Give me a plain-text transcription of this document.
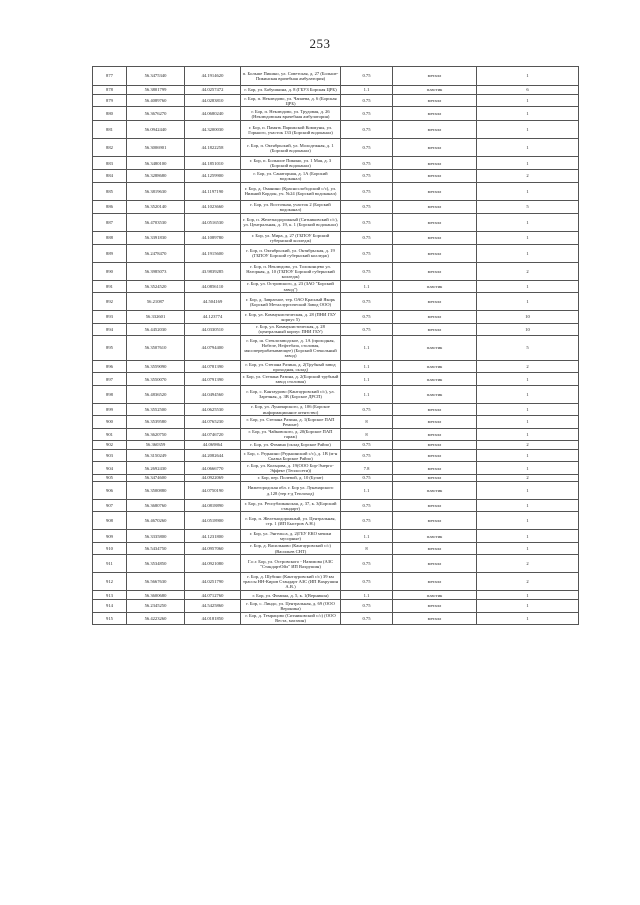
253
877	56.3475340	44.1914620	п. Больше Пикино, ул. Советская, д. 27 (Больше-Пикинская врачебная амбулатория)	0.75	металл	1
878	56.3801799	44.0257472	г. Бор, ул. Бабушкина, д. 8 (ГБУЗ Борская ЦРБ)	1.1	пластик	6
879	56.4089760	44.0283810	г. Бор, п. Неклюдово, ул. Чапаева, д. 6 (Борская ЦРБ)	0.75	металл	1
880	56.3676270	44.0680240	г. Бор, п. Неклюдово, ул. Трудовая, д. 26 (Неклюдовская врачебная амбулатория)	0.75	металл	1
881	56.0942440	44.3200030	г. Бор, п. Память Парижской Коммуны, ул. Горького, участок 133 (Борский водоканал)	0.75	металл	1
882	56.3006901	44.1822258	г. Бор, п. Октябрьский, ул. Молодежная, д. 1 (Борский водоканал)	0.75	металл	1
883	56.3480100	44.1851010	г. Бор, п. Большое Пикино, ул. 1 Мая, д. 3 (Борский водоканал)	0.75	металл	1
884	56.3288680	44.1259900	г. Бор, ул. Санаторная, д. 1А (Борский водоканал)	0.75	металл	2
885	56.3819630	44.1197190	г. Бор, д. Оманино (Краснослободский с/с), ул. Нижний Кордон, уч. №24 (Борский водоканал)	0.75	металл	1
886	56.3520140	44.1023660	г. Бор, ул. Восточная, участок 2 (Борский водоканал)	0.75	металл	5
887	56.4703530	44.0516530	г. Бор, п. Железнодорожный (Ситниковский с/с), ул. Центральная, д. 19, к. 1 (Борский водоканал)	0.75	металл	1
888	56.3391830	44.1089780	г. Бор, ул. Мира, д. 27 (ГБПОУ Борский губернский колледж)	0.75	металл	1
889	56.2478470	44.1915600	г. Бор, п. Октябрьский, ул. Октябрьская, д. 19 (ГБПОУ Борский губернский колледж)	0.75	металл	1
890	56.3985073	43.9839285	г. Бор, п. Неклюдово, ул. Толоконцево ул. Нагорная, д. 10 (ГБПОУ Борский губернский колледж)	0.75	металл	2
891	56.3524520	44.0856110	г. Бор, ул. Островского, д. 23 (ЗАО "Борский завод")	1.1	пластик	1
892	56.21087	44.504169	г. Бор, д. Заврагное, тер. ОАО Красный Якорь (Борский Металлургический Завод ООО)	0.75	металл	1
893	56.332601	44.123774	г. Бор, ул. Коммунистическая, д. 28 (ПНИ ГБУ корпус 5)	0.75	металл	10
894	56.4452030	44.0330510	г. Бор, ул. Коммунистическая, д. 28 (центральный корпус ПНИ ГБУ)	0.75	металл	10
895	56.3507610	44.0794400	г. Бор, ш. Стеклозаводское, д. 1А (проходная, Нобеле, Нефтебаза, столовая, мясоперерабатывающее) (Борский Стекольный завод)	1.1	пластик	5
896	56.3559090	44.0781390	г. Бор, ул. Степана Разина, д. 2(Трубный завод проходная, склад)	1.1	пластик	2
897	56.3550070	44.0791390	г. Бор, ул. Степана Разина, д. 2(Борский трубный завод столовая)	1.1	пластик	1
898	56.4836520	44.0494560	г. Бор, с. Кантаурово (Кантауровский с/с), ул. Заречная, д. 3В (Борское ДРСП)	1.1	пластик	1
899	56.3552500	44.0625530	г. Бор, ул. Луначарского, д. 106 (Борское информационное агентство)	0.75	металл	1
900	56.3539580	44.0765230	г. Бор, ул. Степана Разина, д. 1(Борское ПАП Ремонт)	8	металл	1
901	56.3620750	44.0746720	г. Бор, ул. Чайковского, д. 20(Борское ПАП гараж)	8	металл	1
902	56.360359	44.069864	г. Бор, ул. Фомина (склад Борское Райпо)	0.75	металл	2
903	56.3150249	44.2082644	г. Бор, с. Редькино (Редькинский с/с), д. 1В (м-н Сказка Борское Райпо)	0.75	металл	1
904	56.2692430	44.0666770	г. Бор, ул. Кольцова, д. 19(ООО Бор-Энерго-Эффект (Теплосети))	7.8	металл	1
905	56.3474600	44.0922069	г. Бор, пер. Полевой, д. 10 (Булат)	0.75	металл	2
906	56.3500880	44.0750190	Нижегородская обл. г. Бор ул. Луначарского д.128 (тер з-д Теплоход)	1.1	пластик	1
907	56.3680760	44.0818890	г. Бор, ул. Республиканская, д. 37, к. 3(Борский стандарт)	0.75	металл	1
908	56.4670260	44.0518900	г. Бор, п. Железнодорожный, ул. Центральная, стр. 1 (ИП Быстров А.Н.)	0.75	металл	1
909	56.3335800	44.1231800	г. Бор, ул. Энгельса, д. 2(ГБУ ЕКО мешки мусорные)	1.1	пластик	1
910	56.5434750	44.0957060	г. Бор, д. Васильково (Кантауровский с/с) (Васильев СНТ)	8	металл	1
911	56.3534850	44.0921080	Г.о.г. Бор, ул. Островского - Назимова (АЗС "СтандартОйл" ИП Вахрушин)	0.75	металл	2
912	56.5667630	44.0251790	г. Бор, д. Шубино (Кантауровский с/с) 39 км трассы НН-Киров Стандарт АЗС (ИП Вахрушин А.В.)	0.75	металл	2
913	56.3600680	44.0712760	г. Бор, ул. Фомина, д. 5, к. 1(Верникон)	1.1	пластик	1
914	56.2345250	44.5425860	г. Бор, с. Линдо, ул. Центральная, д. 69 (ООО Вероника)	0.75	металл	1
915	56.4223260	44.0181850	г. Бор, д. Темрацово (Ситниковский с/с) (ООО Веста, магазин)	0.75	металл	1
